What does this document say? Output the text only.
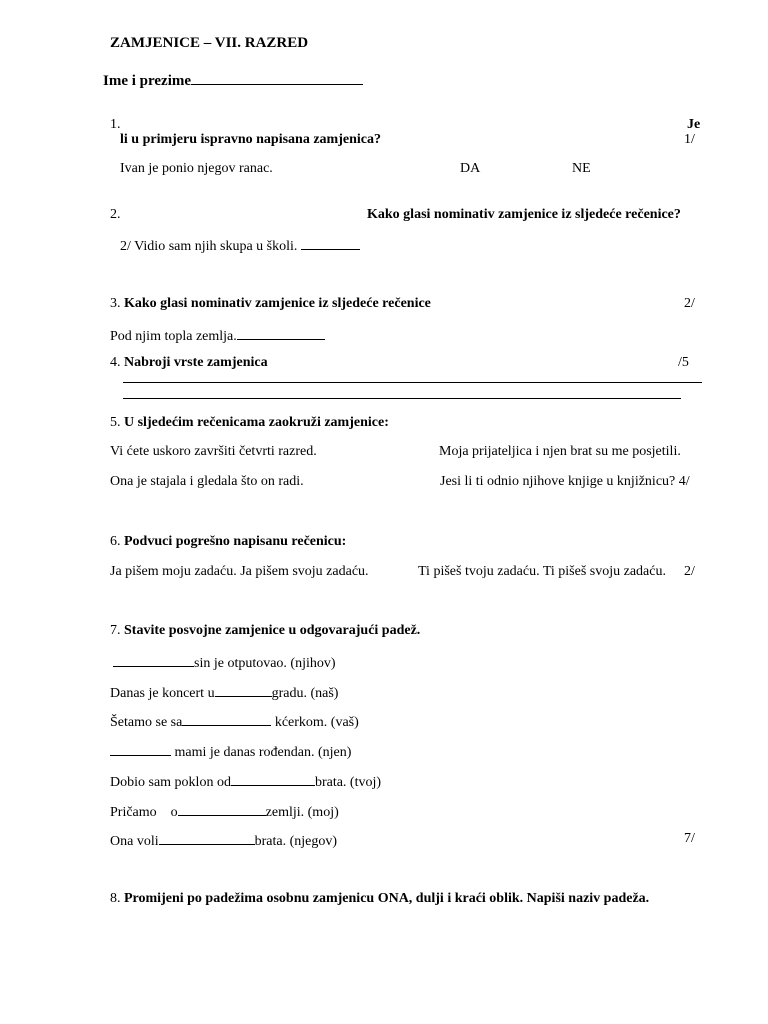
ZAMJENICE – VII. RAZRED
Ime i prezime
1.	Je
li u primjeru ispravno napisana zamjenica?	1/
Ivan je ponio njegov ranac.	DA	NE
2.	Kako glasi nominativ zamjenice iz sljedeće rečenice?
2/ Vidio sam njih skupa u školi.
3. Kako glasi nominativ zamjenice iz sljedeće rečenice	2/
Pod njim topla zemlja.
4. Nabroji vrste zamjenica	/5
5. U sljedećim rečenicama zaokruži zamjenice:
Vi ćete uskoro završiti četvrti razred.	Moja prijateljica i njen brat su me posjetili.
Ona je stajala i gledala što on radi.	Jesi li ti odnio njihove knjige u knjižnicu? 4/
6. Podvuci pogrešno napisanu rečenicu:
Ja pišem moju zadaću. Ja pišem svoju zadaću.	Ti pišeš tvoju zadaću. Ti pišeš svoju zadaću. 2/
7. Stavite posvojne zamjenice u odgovarajući padež.
sin je otputovao. (njihov)
Danas je koncert u	gradu. (naš)
Šetamo se sa	kćerkom. (vaš)
mami je danas rođendan. (njen)
Dobio sam poklon od	brata. (tvoj)
Pričamo    o	zemlji. (moj)
Ona voli	brata. (njegov)	7/
8. Promijeni po padežima osobnu zamjenicu ONA, dulji i kraći oblik. Napiši naziv padeža.
